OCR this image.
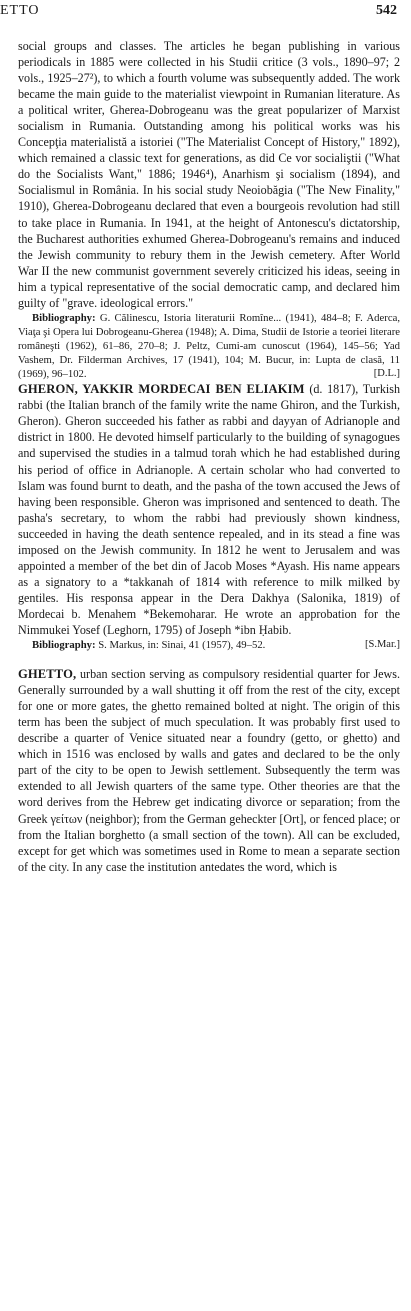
ETTO	542

social groups and classes. The articles he began publishing in various periodicals in 1885 were collected in his Studii critice (3 vols., 1890–97; 2 vols., 1925–27²), to which a fourth volume was subsequently added. The work became the main guide to the materialist viewpoint in Rumanian literature. As a political writer, Gherea-Dobrogeanu was the great popularizer of Marxist socialism in Rumania. Outstanding among his political works was his Concepţia materialistă a istoriei ("The Materialist Concept of History," 1892), which remained a classic text for generations, as did Ce vor socialiştii ("What do the Socialists Want," 1886; 1946⁴), Anarhism şi socialism (1894), and Socialismul in România. In his social study Neoiobăgia ("The New Finality," 1910), Gherea-Dobrogeanu declared that even a bourgeois revolution had still to take place in Rumania. In 1941, at the height of Antonescu's dictatorship, the Bucharest authorities exhumed Gherea-Dobrogeanu's remains and induced the Jewish community to rebury them in the Jewish cemetery. After World War II the new communist government severely criticized his ideas, seeing in him a typical representative of the social democratic camp, and declared him guilty of "grave. ideological errors."

Bibliography: G. Călinescu, Istoria literaturii Romîne... (1941), 484–8; F. Aderca, Viaţa şi Opera lui Dobrogeanu-Gherea (1948); A. Dima, Studii de Istorie a teoriei literare româneşti (1962), 61–86, 270–8; J. Peltz, Cumi-am cunoscut (1964), 145–56; Yad Vashem, Dr. Filderman Archives, 17 (1941), 104; M. Bucur, in: Lupta de clasă, 11 (1969), 96–102.	[D.L.]

GHERON, YAKKIR MORDECAI BEN ELIAKIM (d. 1817), Turkish rabbi (the Italian branch of the family write the name Ghiron, and the Turkish, Gheron). Gheron succeeded his father as rabbi and dayyan of Adrianople and district in 1800. He devoted himself particularly to the building of synagogues and supervised the studies in a talmud torah which he had established during his period of office in Adrianople. A certain scholar who had converted to Islam was found burnt to death, and the pasha of the town accused the Jews of having been responsible. Gheron was imprisoned and sentenced to death. The pasha's secretary, to whom the rabbi had previously shown kindness, succeeded in having the death sentence repealed, and in its stead a fine was imposed on the Jewish community. In 1812 he went to Jerusalem and was appointed a member of the bet din of Jacob Moses *Ayash. His name appears as a signatory to a *takkanah of 1814 with reference to milk milked by gentiles. His responsa appear in the Dera Dakhya (Salonika, 1819) of Mordecai b. Menahem *Bekemoharar. He wrote an approbation for the Nimmukei Yosef (Leghorn, 1795) of Joseph *ibn Ḥabib.

Bibliography: S. Markus, in: Sinai, 41 (1957), 49–52.	[S.Mar.]

GHETTO, urban section serving as compulsory residential quarter for Jews. Generally surrounded by a wall shutting it off from the rest of the city, except for one or more gates, the ghetto remained bolted at night. The origin of this term has been the subject of much speculation. It was probably first used to describe a quarter of Venice situated near a foundry (getto, or ghetto) and which in 1516 was enclosed by walls and gates and declared to be the only part of the city to be open to Jewish settlement. Subsequently the term was extended to all Jewish quarters of the same type. Other theories are that the word derives from the Hebrew get indicating divorce or separation; from the Greek γείτων (neighbor); from the German geheckter [Ort], or fenced place; or from the Italian borghetto (a small section of the town). All can be excluded, except for get which was sometimes used in Rome to mean a separate section of the city. In any case the institution antedates the word, which is
